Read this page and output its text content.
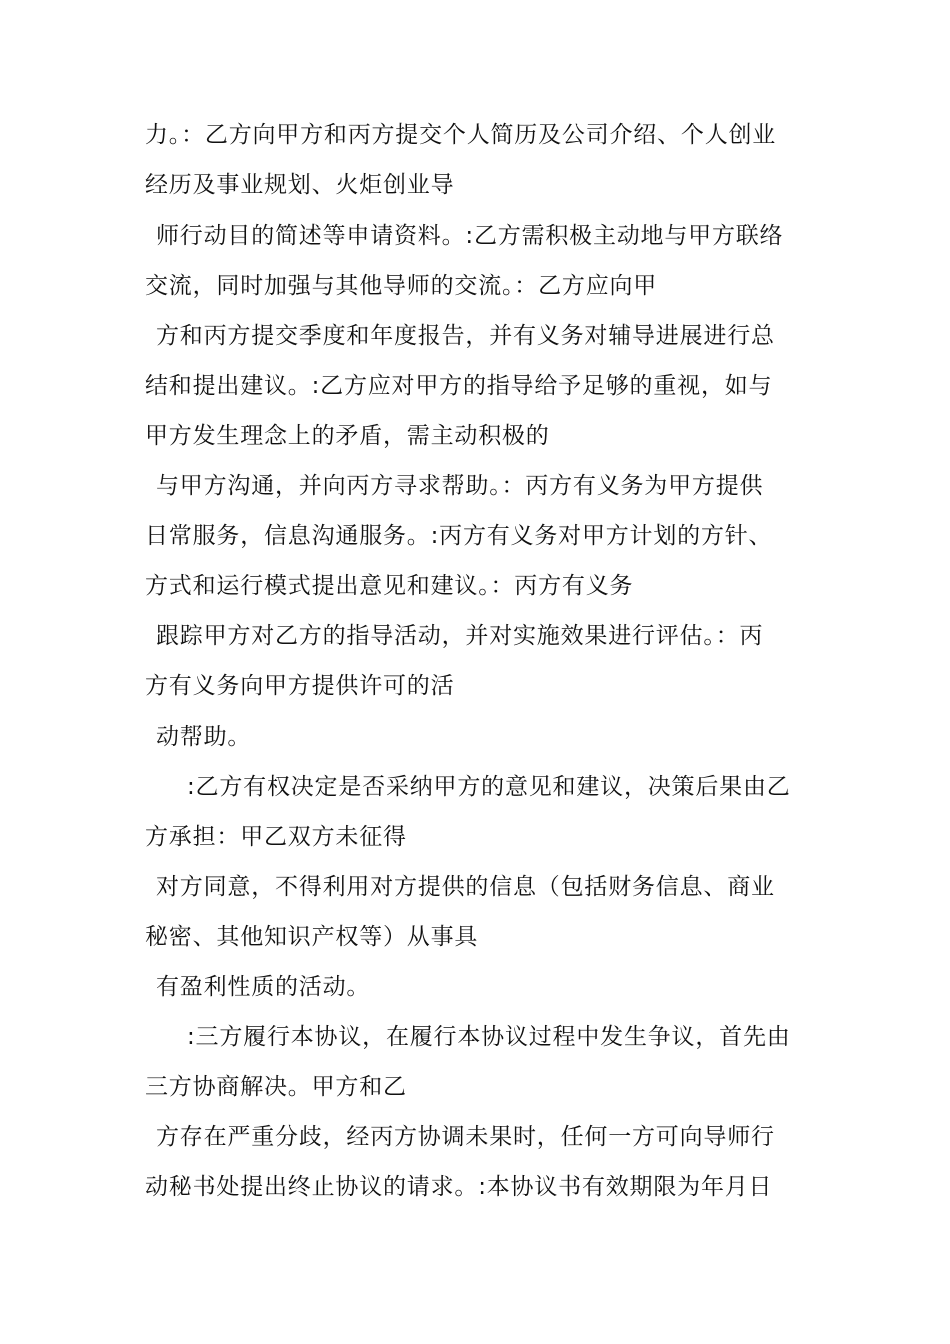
力。：乙方向甲方和丙方提交个人简历及公司介绍、个人创业
经历及事业规划、火炬创业导
师行动目的简述等申请资料。:乙方需积极主动地与甲方联络
交流，同时加强与其他导师的交流。：乙方应向甲
方和丙方提交季度和年度报告，并有义务对辅导进展进行总
结和提出建议。:乙方应对甲方的指导给予足够的重视，如与
甲方发生理念上的矛盾，需主动积极的
与甲方沟通，并向丙方寻求帮助。：丙方有义务为甲方提供
日常服务，信息沟通服务。:丙方有义务对甲方计划的方针、
方式和运行模式提出意见和建议。：丙方有义务
跟踪甲方对乙方的指导活动，并对实施效果进行评估。：丙
方有义务向甲方提供许可的活
动帮助。
:乙方有权决定是否采纳甲方的意见和建议，决策后果由乙
方承担：甲乙双方未征得
对方同意，不得利用对方提供的信息（包括财务信息、商业
秘密、其他知识产权等）从事具
有盈利性质的活动。
:三方履行本协议，在履行本协议过程中发生争议，首先由
三方协商解决。甲方和乙
方存在严重分歧，经丙方协调未果时，任何一方可向导师行
动秘书处提出终止协议的请求。:本协议书有效期限为年月日
